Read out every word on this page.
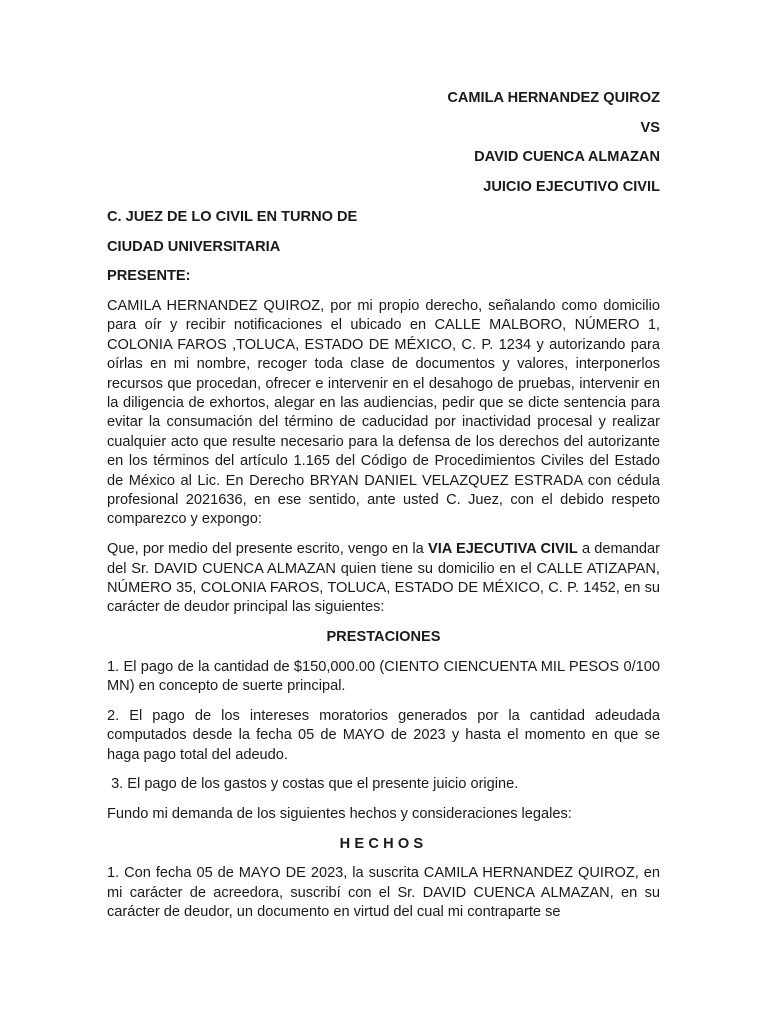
CAMILA HERNANDEZ QUIROZ
VS
DAVID CUENCA ALMAZAN
JUICIO EJECUTIVO CIVIL
C. JUEZ DE LO CIVIL EN TURNO DE
CIUDAD UNIVERSITARIA
PRESENTE:

CAMILA HERNANDEZ QUIROZ, por mi propio derecho, señalando como domicilio para oír y recibir notificaciones el ubicado en CALLE MALBORO, NÚMERO 1, COLONIA FAROS ,TOLUCA, ESTADO DE MÉXICO, C. P. 1234 y autorizando para oírlas en mi nombre, recoger toda clase de documentos y valores, interponerlos recursos que procedan, ofrecer e intervenir en el desahogo de pruebas, intervenir en la diligencia de exhortos, alegar en las audiencias, pedir que se dicte sentencia para evitar la consumación del término de caducidad por inactividad procesal y realizar cualquier acto que resulte necesario para la defensa de los derechos del autorizante en los términos del artículo 1.165 del Código de Procedimientos Civiles del Estado de México al Lic. En Derecho BRYAN DANIEL VELAZQUEZ ESTRADA con cédula profesional 2021636, en ese sentido, ante usted C. Juez, con el debido respeto comparezco y expongo:

Que, por medio del presente escrito, vengo en la VIA EJECUTIVA CIVIL a demandar del Sr. DAVID CUENCA ALMAZAN quien tiene su domicilio en el CALLE ATIZAPAN, NÚMERO 35, COLONIA FAROS, TOLUCA, ESTADO DE MÉXICO, C. P. 1452, en su carácter de deudor principal las siguientes:

PRESTACIONES

1. El pago de la cantidad de $150,000.00 (CIENTO CIENCUENTA MIL PESOS 0/100 MN) en concepto de suerte principal.

2. El pago de los intereses moratorios generados por la cantidad adeudada computados desde la fecha 05 de MAYO de 2023 y hasta el momento en que se haga pago total del adeudo.

3. El pago de los gastos y costas que el presente juicio origine.

Fundo mi demanda de los siguientes hechos y consideraciones legales:

HECHOS

1. Con fecha 05 de MAYO DE 2023, la suscrita CAMILA HERNANDEZ QUIROZ, en mi carácter de acreedora, suscribí con el Sr. DAVID CUENCA ALMAZAN, en su carácter de deudor, un documento en virtud del cual mi contraparte se
